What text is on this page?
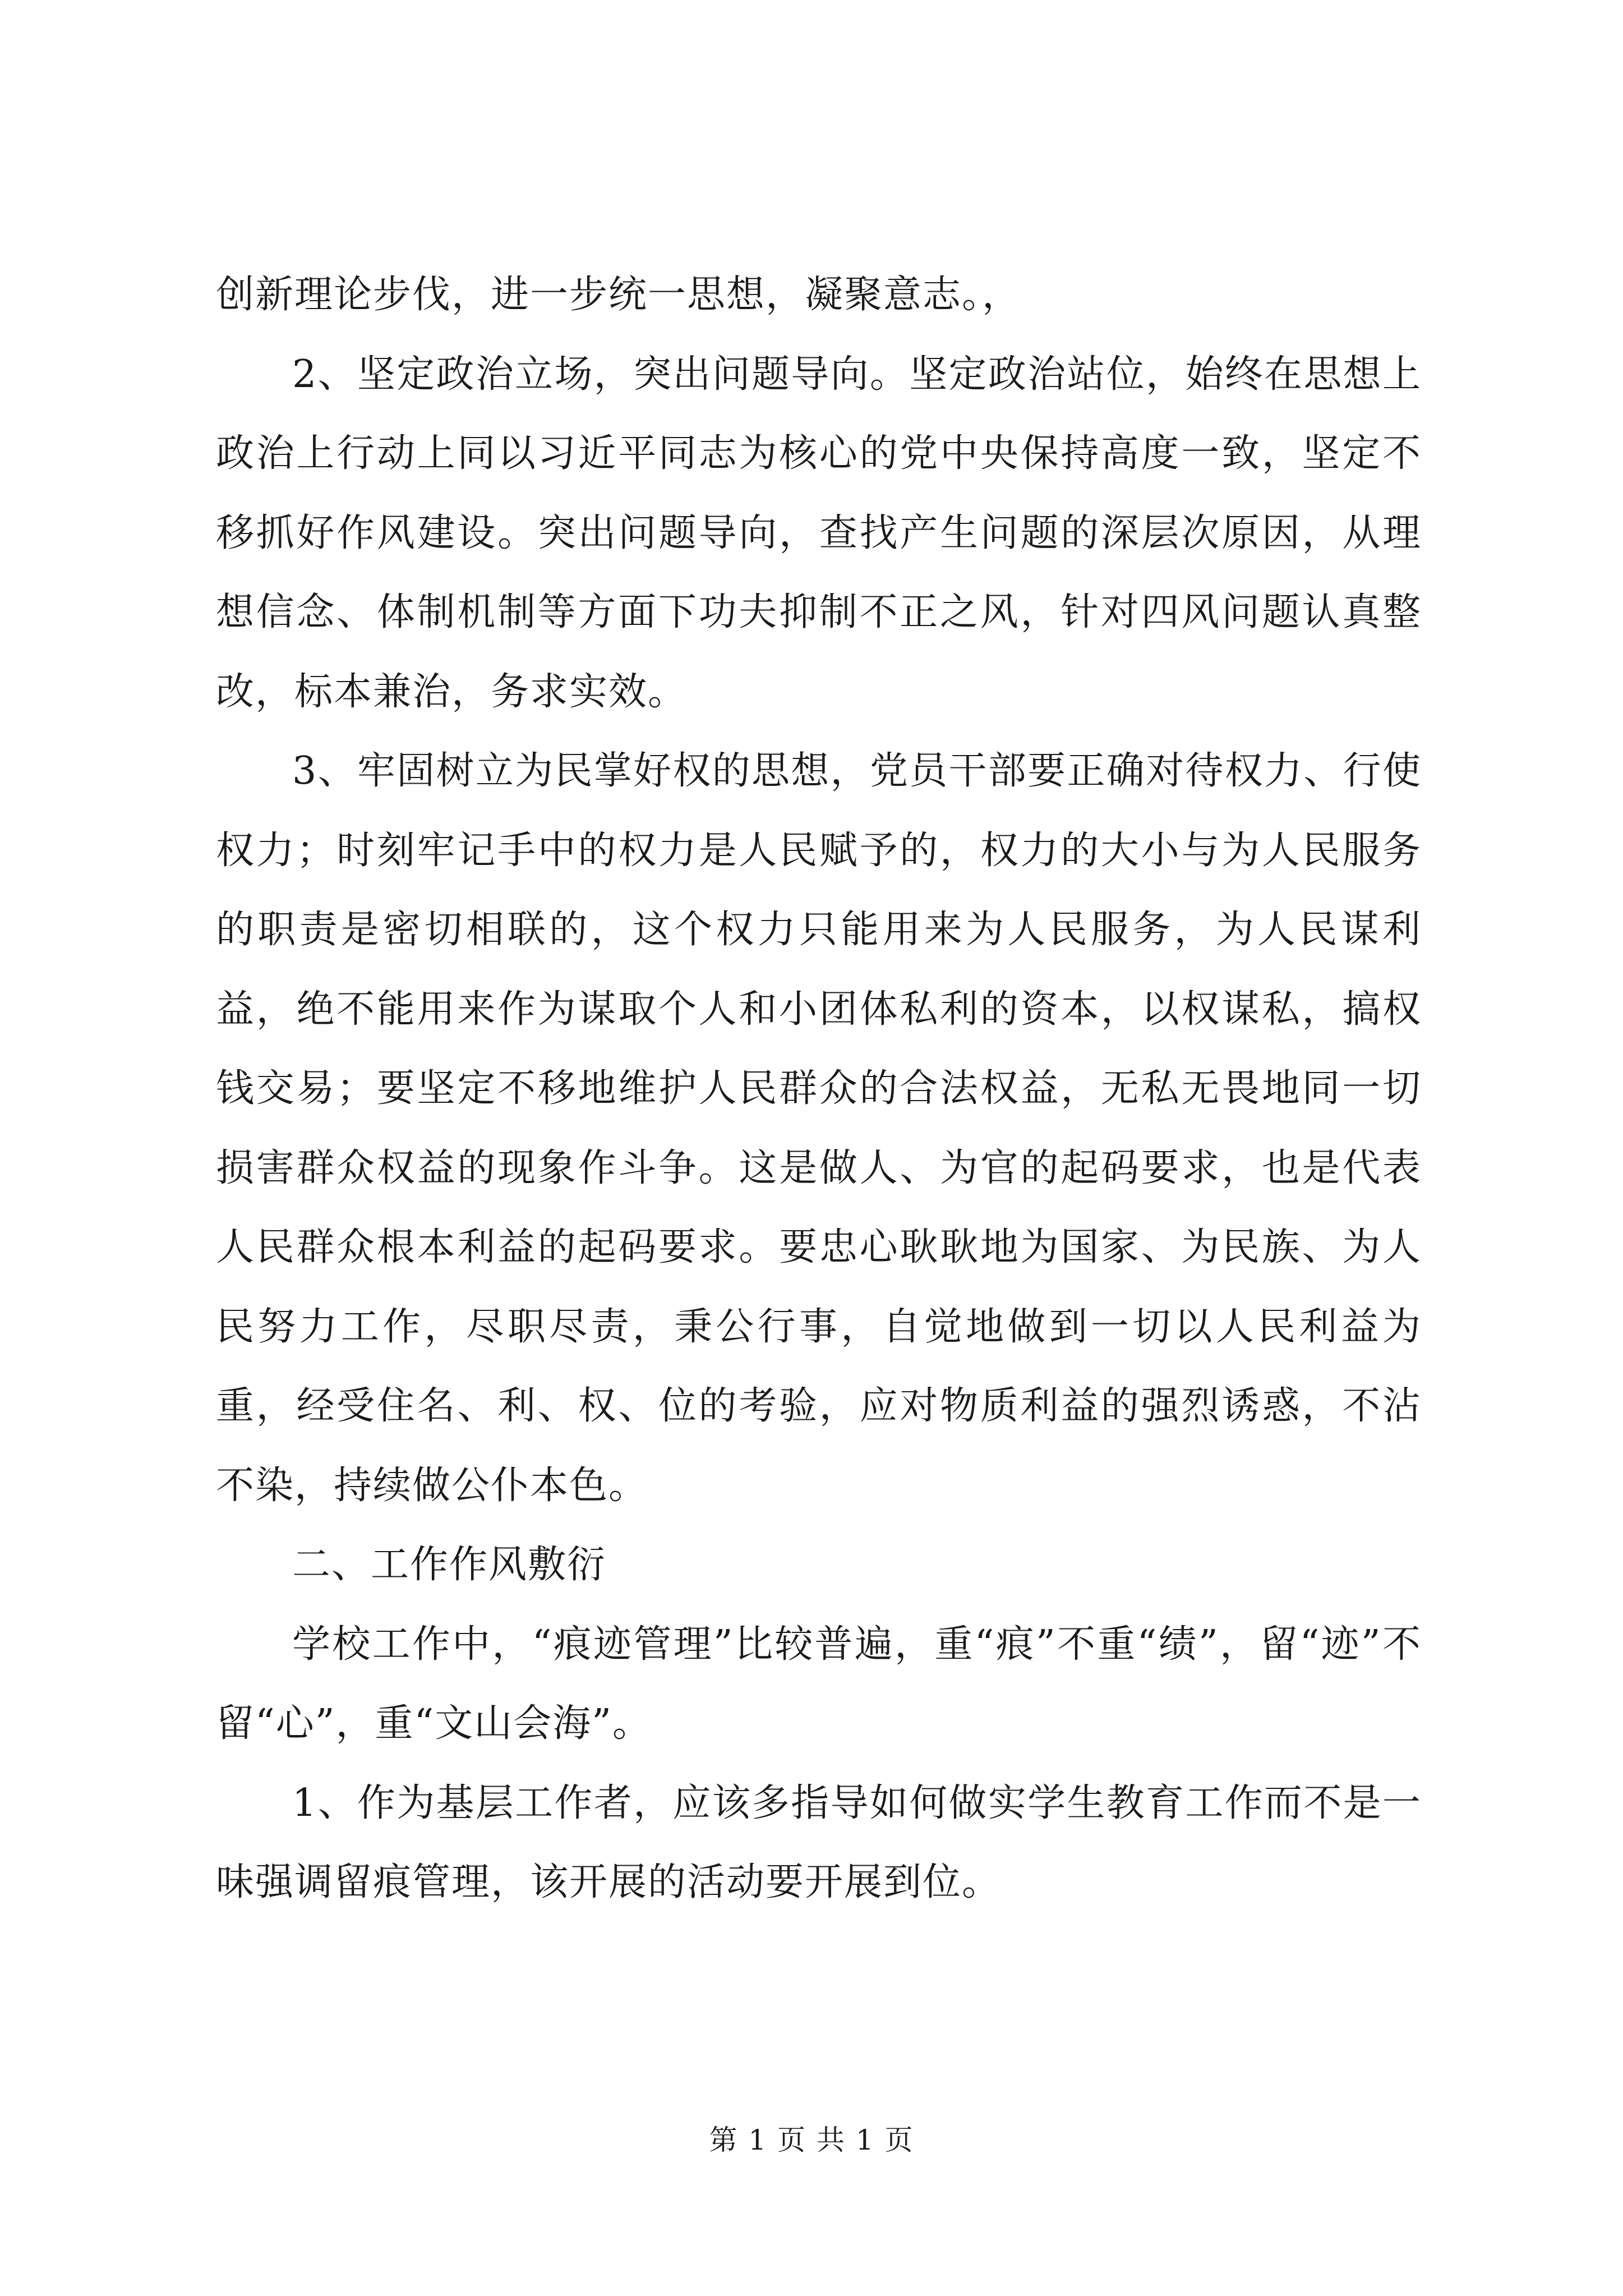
创新理论步伐，进一步统一思想，凝聚意志。，

2、坚定政治立场，突出问题导向。坚定政治站位，始终在思想上政治上行动上同以习近平同志为核心的党中央保持高度一致，坚定不移抓好作风建设。突出问题导向，查找产生问题的深层次原因，从理想信念、体制机制等方面下功夫抑制不正之风，针对四风问题认真整改，标本兼治，务求实效。

3、牢固树立为民掌好权的思想，党员干部要正确对待权力、行使权力；时刻牢记手中的权力是人民赋予的，权力的大小与为人民服务的职责是密切相联的，这个权力只能用来为人民服务，为人民谋利益，绝不能用来作为谋取个人和小团体私利的资本，以权谋私，搞权钱交易；要坚定不移地维护人民群众的合法权益，无私无畏地同一切损害群众权益的现象作斗争。这是做人、为官的起码要求，也是代表人民群众根本利益的起码要求。要忠心耿耿地为国家、为民族、为人民努力工作，尽职尽责，秉公行事，自觉地做到一切以人民利益为重，经受住名、利、权、位的考验，应对物质利益的强烈诱惑，不沾不染，持续做公仆本色。

二、工作作风敷衍

学校工作中，“痕迹管理”比较普遍，重“痕”不重“绩”，留“迹”不留“心”，重“文山会海”。

1、作为基层工作者，应该多指导如何做实学生教育工作而不是一味强调留痕管理，该开展的活动要开展到位。

第 1 页 共 1 页
